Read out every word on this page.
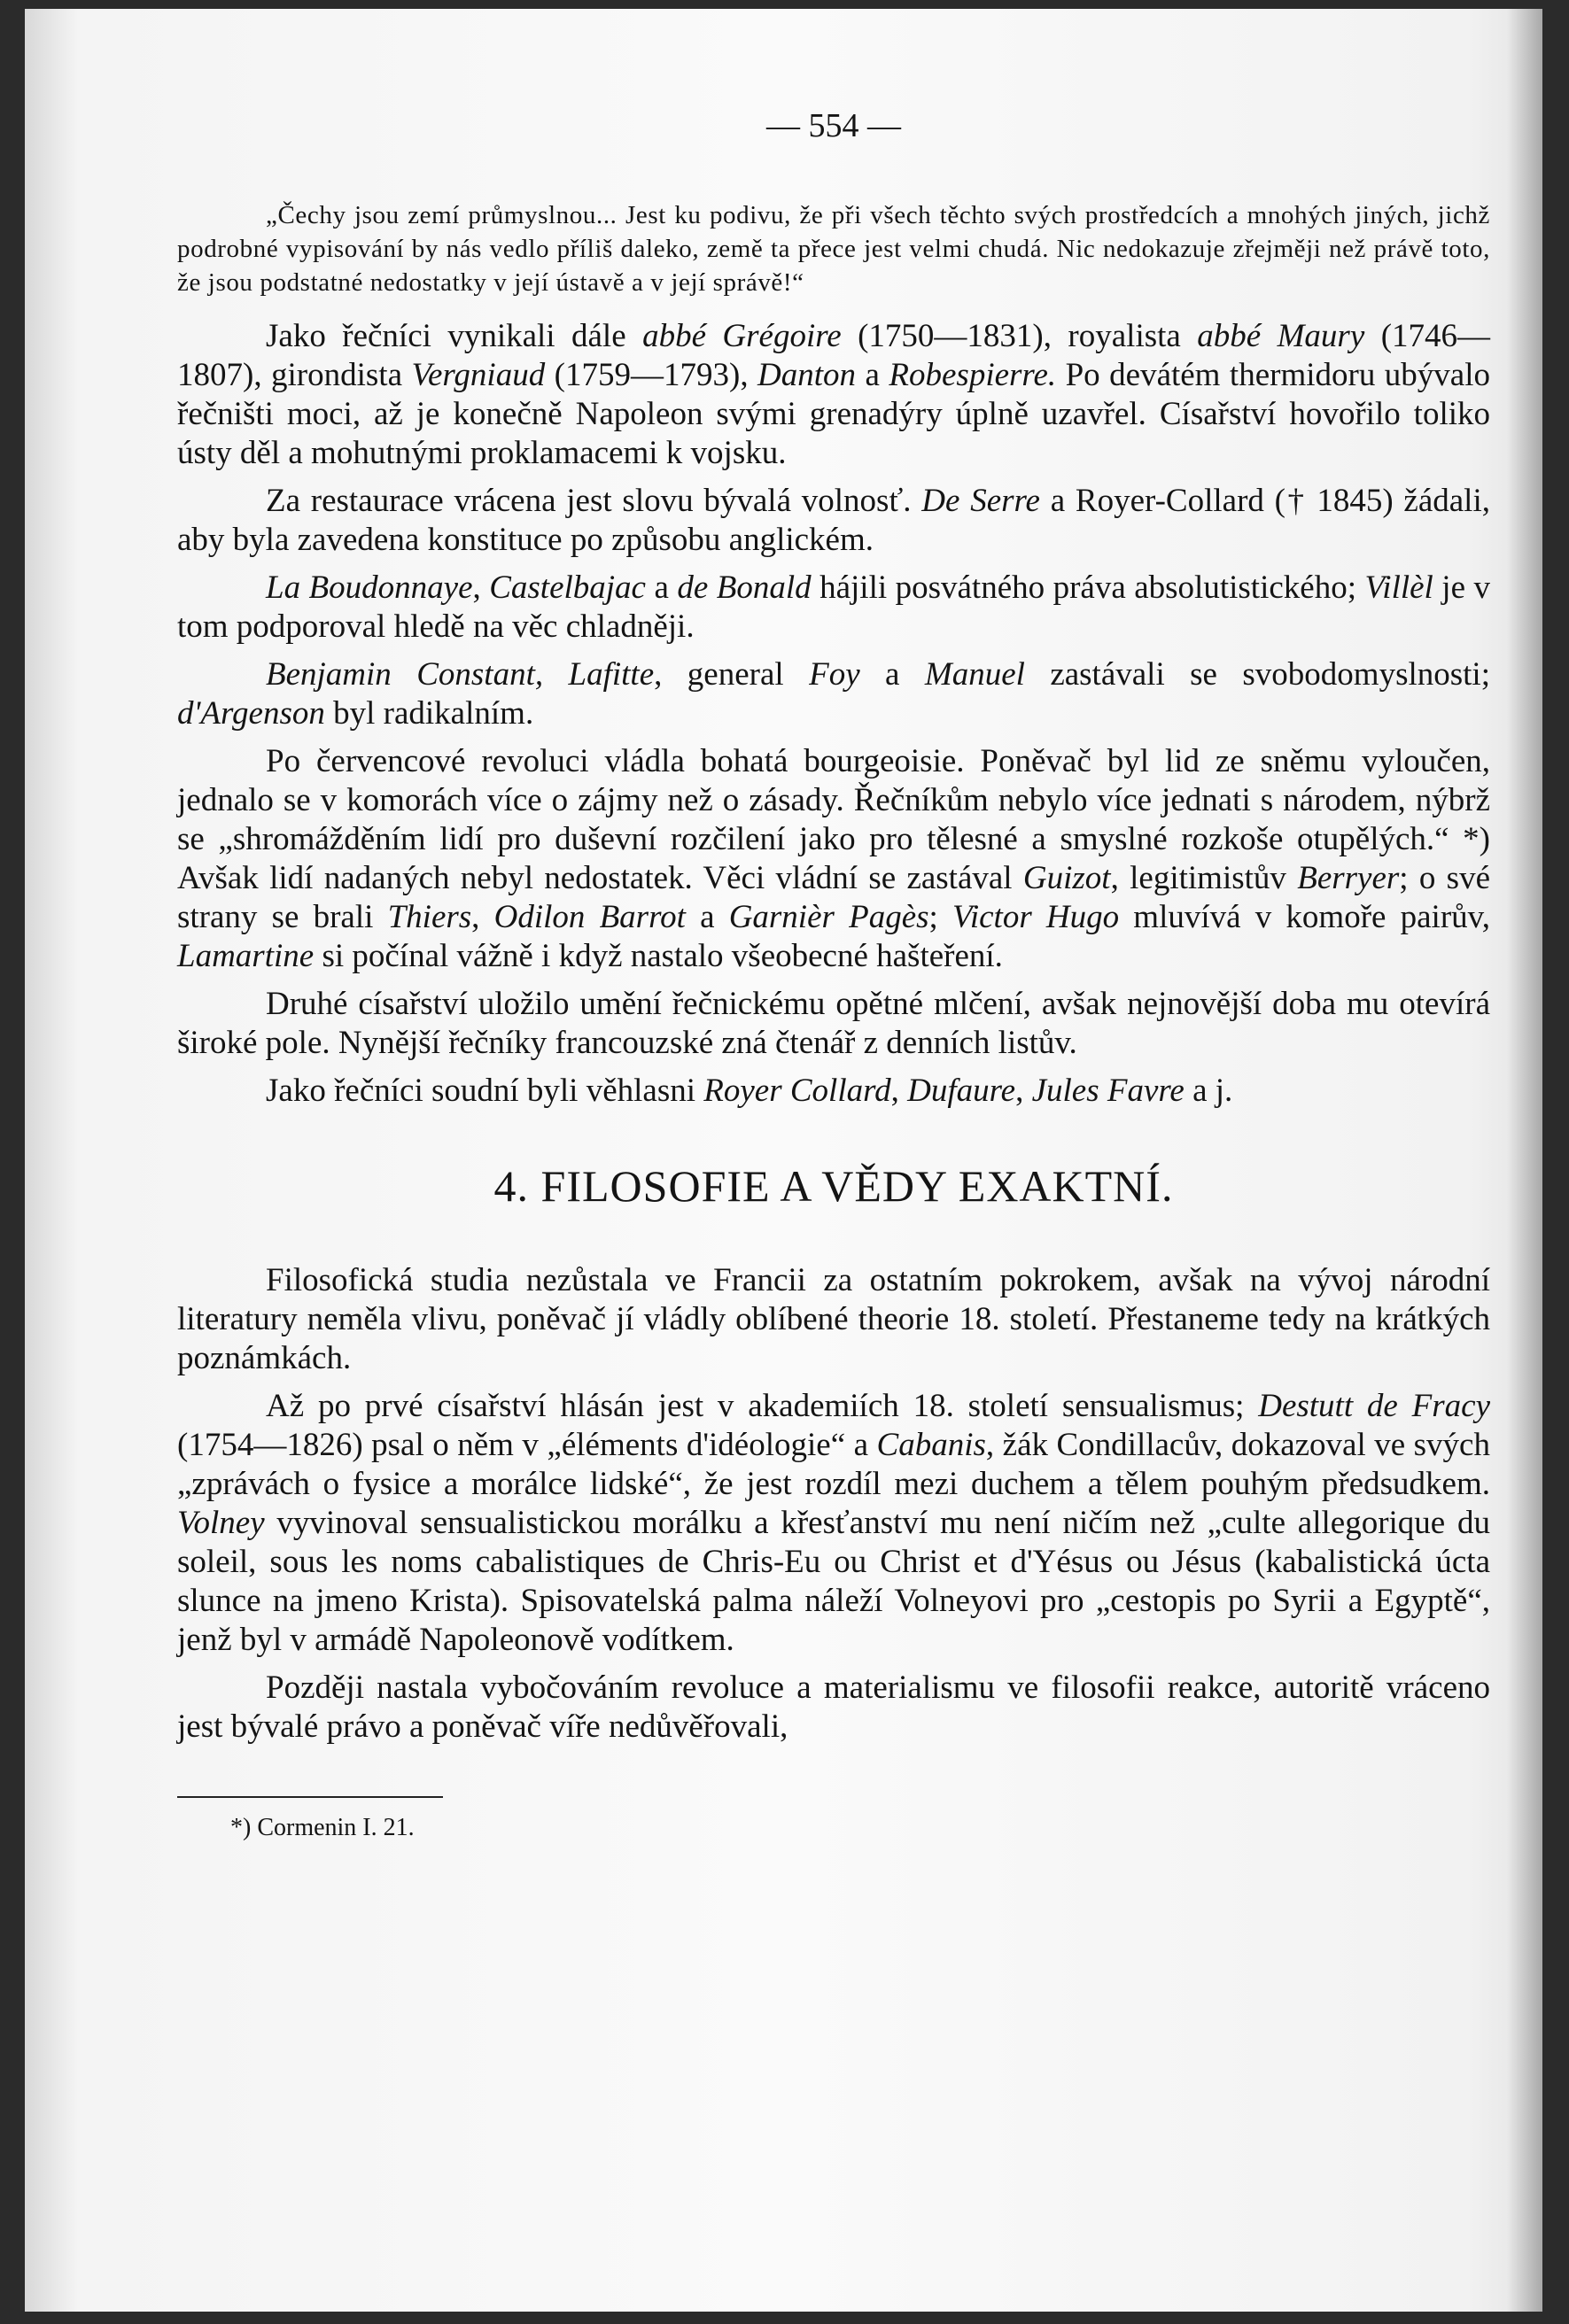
— 554 —

„Čechy jsou zemí průmyslnou... Jest ku podivu, že při všech těchto svých prostředcích a mnohých jiných, jichž podrobné vypisování by nás vedlo příliš daleko, země ta přece jest velmi chudá. Nic nedokazuje zřejměji než právě toto, že jsou podstatné nedostatky v její ústavě a v její správě!“

Jako řečníci vynikali dále abbé Grégoire (1750—1831), royalista abbé Maury (1746—1807), girondista Vergniaud (1759—1793), Danton a Robespierre. Po devátém thermidoru ubývalo řečništi moci, až je konečně Napoleon svými grenadýry úplně uzavřel. Císařství hovořilo toliko ústy děl a mohutnými proklamacemi k vojsku.

Za restaurace vrácena jest slovu bývalá volnosť. De Serre a Royer-Collard († 1845) žádali, aby byla zavedena konstituce po způsobu anglickém.

La Boudonnaye, Castelbajac a de Bonald hájili posvátného práva absolutistického; Villèl je v tom podporoval hledě na věc chladněji.

Benjamin Constant, Lafitte, general Foy a Manuel zastávali se svobodomyslnosti; d'Argenson byl radikalním.

Po červencové revoluci vládla bohatá bourgeoisie. Poněvač byl lid ze sněmu vyloučen, jednalo se v komorách více o zájmy než o zásady. Řečníkům nebylo více jednati s národem, nýbrž se „shromážděním lidí pro duševní rozčilení jako pro tělesné a smyslné rozkoše otupělých.“ *) Avšak lidí nadaných nebyl nedostatek. Věci vládní se zastával Guizot, legitimistův Berryer; o své strany se brali Thiers, Odilon Barrot a Garnièr Pagès; Victor Hugo mluvívá v komoře pairův, Lamartine si počínal vážně i když nastalo všeobecné hašteření.

Druhé císařství uložilo umění řečnickému opětné mlčení, avšak nejnovější doba mu otevírá široké pole. Nynější řečníky francouzské zná čtenář z denních listův.

Jako řečníci soudní byli věhlasni Royer Collard, Dufaure, Jules Favre a j.

4. FILOSOFIE A VĚDY EXAKTNÍ.

Filosofická studia nezůstala ve Francii za ostatním pokrokem, avšak na vývoj národní literatury neměla vlivu, poněvač jí vládly oblíbené theorie 18. století. Přestaneme tedy na krátkých poznámkách.

Až po prvé císařství hlásán jest v akademiích 18. století sensualismus; Destutt de Fracy (1754—1826) psal o něm v „éléments d'idéologie“ a Cabanis, žák Condillacův, dokazoval ve svých „zprávách o fysice a morálce lidské“, že jest rozdíl mezi duchem a tělem pouhým předsudkem. Volney vyvinoval sensualistickou morálku a křesťanství mu není ničím než „culte allegorique du soleil, sous les noms cabalistiques de Chris-Eu ou Christ et d'Yésus ou Jésus (kabalistická úcta slunce na jmeno Krista). Spisovatelská palma náleží Volneyovi pro „cestopis po Syrii a Egyptě“, jenž byl v armádě Napoleonově vodítkem.

Později nastala vybočováním revoluce a materialismu ve filosofii reakce, autoritě vráceno jest bývalé právo a poněvač víře nedůvěřovali,

*) Cormenin I. 21.
